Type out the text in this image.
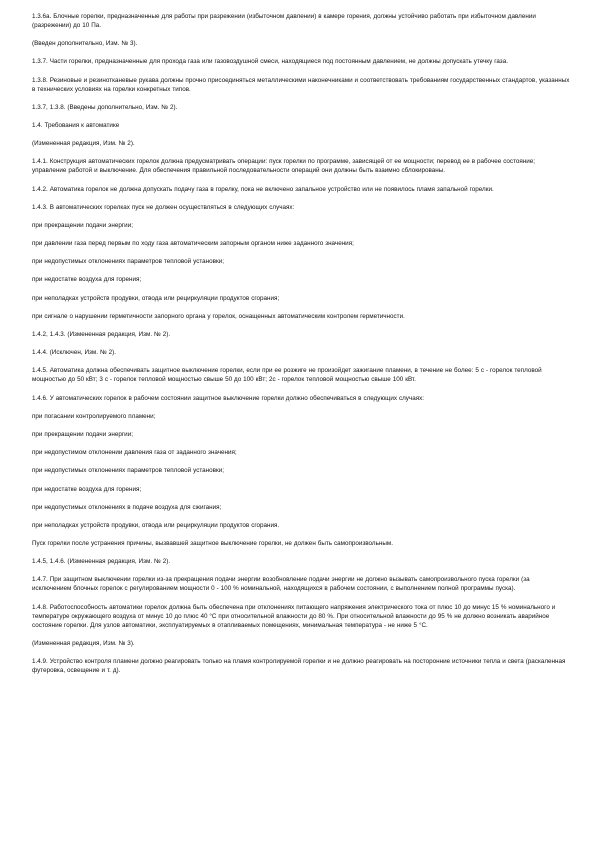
1.3.6а. Блочные горелки, предназначенные для работы при разрежении (избыточном давлении) в камере горения, должны устойчиво работать при избыточном давлении (разрежении) до 10 Па.

(Введен дополнительно, Изм. № 3).

1.3.7. Части горелки, предназначенные для прохода газа или газовоздушной смеси, находящиеся под постоянным давлением, не должны допускать утечку газа.

1.3.8. Резиновые и резинотканевые рукава должны прочно присоединяться металлическими наконечниками и соответствовать требованиям государственных стандартов, указанных в технических условиях на горелки конкретных типов.

1.3.7, 1.3.8. (Введены дополнительно, Изм. № 2).

1.4. Требования к автоматике

(Измененная редакция, Изм. № 2).

1.4.1. Конструкция автоматических горелок должна предусматривать операции: пуск горелки по программе, зависящей от ее мощности; перевод ее в рабочее состояние; управление работой и выключение. Для обеспечения правильной последовательности операций они должны быть взаимно сблокированы.

1.4.2. Автоматика горелок не должна допускать подачу газа в горелку, пока не включено запальное устройство или не появилось пламя запальной горелки.

1.4.3. В автоматических горелках пуск не должен осуществляться в следующих случаях:

при прекращении подачи энергии;

при давлении газа перед первым по ходу газа автоматическим запорным органом ниже заданного значения;

при недопустимых отклонениях параметров тепловой установки;

при недостатке воздуха для горения;

при неполадках устройств продувки, отвода или рециркуляции продуктов сгорания;

при сигнале о нарушении герметичности запорного органа у горелок, оснащенных автоматическим контролем герметичности.

1.4.2, 1.4.3. (Измененная редакция, Изм. № 2).

1.4.4. (Исключен, Изм. № 2).

1.4.5. Автоматика должна обеспечивать защитное выключение горелки, если при ее розжиге не произойдет зажигание пламени, в течение не более: 5 с - горелок тепловой мощностью до 50 кВт; 3 с - горелок тепловой мощностью свыше 50 до 100 кВт; 2с - горелок тепловой мощностью свыше 100 кВт.

1.4.6. У автоматических горелок в рабочем состоянии защитное выключение горелки должно обеспечиваться в следующих случаях:

при погасании контролируемого пламени;

при прекращении подачи энергии;

при недопустимом отклонении давления газа от заданного значения;

при недопустимых отклонениях параметров тепловой установки;

при недостатке воздуха для горения;

при недопустимых отклонениях в подаче воздуха для сжигания;

при неполадках устройств продувки, отвода или рециркуляции продуктов сгорания.

Пуск горелки после устранения причины, вызвавшей защитное выключение горелки, не должен быть самопроизвольным.

1.4.5, 1.4.6. (Измененная редакция, Изм. № 2).

1.4.7. При защитном выключении горелки из-за прекращения подачи энергии возобновление подачи энергии не должно вызывать самопроизвольного пуска горелки (за исключением блочных горелок с регулированием мощности 0 - 100 % номинальной, находящихся в рабочем состоянии, с выполнением полной программы пуска).

1.4.8. Работоспособность автоматики горелок должна быть обеспечена при отклонениях питающего напряжения электрического тока от плюс 10 до минус 15 % номинального и температуре окружающего воздуха от минус 10 до плюс 40 °С при относительной влажности до 80 %. При относительной влажности до 95 % не должно возникать аварийное состояние горелки. Для узлов автоматики, эксплуатируемых в отапливаемых помещениях, минимальная температура - не ниже 5 °С.

(Измененная редакция, Изм. № 3).

1.4.9. Устройство контроля пламени должно реагировать только на пламя контролируемой горелки и не должно реагировать на посторонние источники тепла и света (раскаленная футеровка, освещение и т. д).
